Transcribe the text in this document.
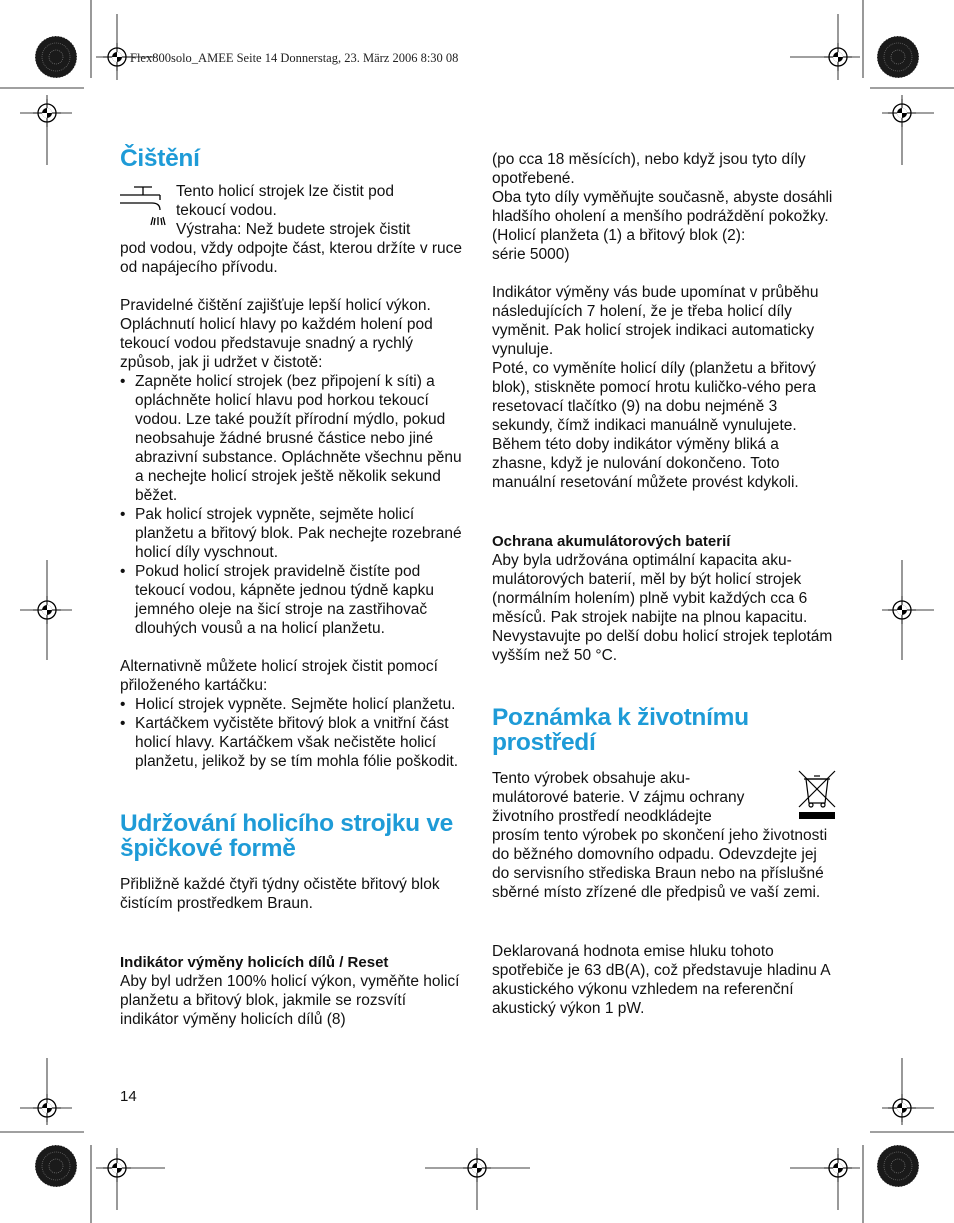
Flex800solo_AMEE Seite 14 Donnerstag, 23. März 2006 8:30 08
Čištění

Tento holicí strojek lze čistit pod

tekoucí vodou.

Výstraha: Než budete strojek čistit

pod vodou, vždy odpojte část, kterou držíte v ruce od napájecího přívodu.

Pravidelné čištění zajišťuje lepší holicí výkon. Opláchnutí holicí hlavy po každém holení pod tekoucí vodou představuje snadný a rychlý způsob, jak ji udržet v čistotě:

• Zapněte holicí strojek (bez připojení k síti) a opláchněte holicí hlavu pod horkou tekoucí vodou. Lze také použít přírodní mýdlo, pokud neobsahuje žádné brusné částice nebo jiné abrazivní substance. Opláchněte všechnu pěnu a nechejte holicí strojek ještě několik sekund běžet.
• Pak holicí strojek vypněte, sejměte holicí planžetu a břitový blok. Pak nechejte rozebrané holicí díly vyschnout.
• Pokud holicí strojek pravidelně čistíte pod tekoucí vodou, kápněte jednou týdně kapku jemného oleje na šicí stroje na zastřihovač dlouhých vousů a na holicí planžetu.

Alternativně můžete holicí strojek čistit pomocí přiloženého kartáčku:

• Holicí strojek vypněte. Sejměte holicí planžetu.
• Kartáčkem vyčistěte břitový blok a vnitřní část holicí hlavy. Kartáčkem však nečistěte holicí planžetu, jelikož by se tím mohla fólie poškodit.
Udržování holicího strojku ve špičkové formě

Přibližně každé čtyři týdny očistěte břitový blok čistícím prostředkem Braun.

Indikátor výměny holicích dílů / Reset

Aby byl udržen 100% holicí výkon, vyměňte holicí planžetu a břitový blok, jakmile se rozsvítí indikátor výměny holicích dílů (8)

14

(po cca 18 měsících), nebo když jsou tyto díly opotřebené.

Oba tyto díly vyměňujte současně, abyste dosáhli hladšího oholení a menšího podráždění pokožky.

(Holicí planžeta (1) a břitový blok (2):

série 5000)

Indikátor výměny vás bude upomínat v průběhu následujících 7 holení, že je třeba holicí díly vyměnit. Pak holicí strojek indikaci automaticky vynuluje.

Poté, co vyměníte holicí díly (planžetu a břitový blok), stiskněte pomocí hrotu kuličko-vého pera resetovací tlačítko (9) na dobu nejméně 3 sekundy, čímž indikaci manuálně vynulujete.

Během této doby indikátor výměny bliká a zhasne, když je nulování dokončeno. Toto manuální resetování můžete provést kdykoli.

Ochrana akumulátorových baterií

Aby byla udržována optimální kapacita aku-mulátorových baterií, měl by být holicí strojek (normálním holením) plně vybit každých cca 6 měsíců. Pak strojek nabijte na plnou kapacitu. Nevystavujte po delší dobu holicí strojek teplotám vyšším než 50 °C.

Poznámka k životnímu prostředí

Tento výrobek obsahuje aku-

mulátorové baterie. V zájmu ochrany

životního prostředí neodkládejte

prosím tento výrobek po skončení jeho životnosti do běžného domovního odpadu. Odevzdejte jej do servisního střediska Braun nebo na příslušné sběrné místo zřízené dle předpisů ve vaší zemi.

Deklarovaná hodnota emise hluku tohoto spotřebiče je 63 dB(A), což představuje hladinu A akustického výkonu vzhledem na referenční akustický výkon 1 pW.
